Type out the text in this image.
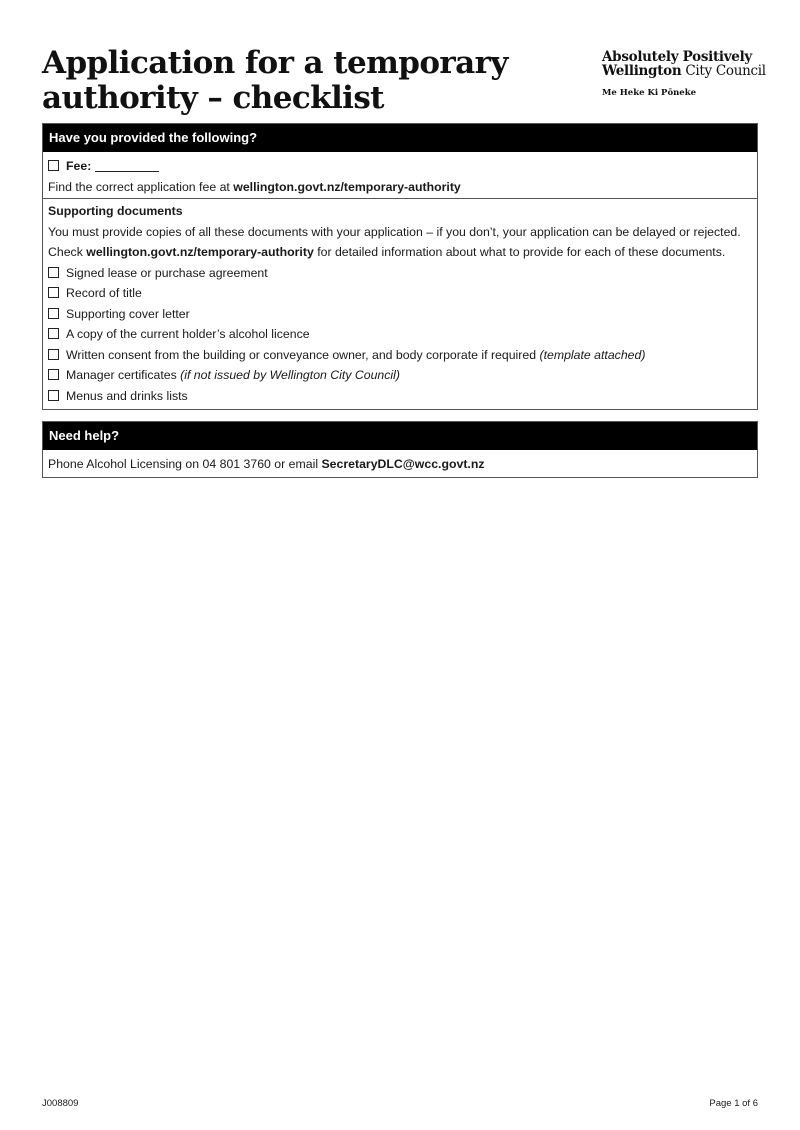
Application for a temporary authority – checklist
Absolutely Positively
Wellington City Council
Me Heke Ki Pōneke
Have you provided the following?
Fee:
Find the correct application fee at wellington.govt.nz/temporary-authority
Supporting documents
You must provide copies of all these documents with your application – if you don’t, your application can be delayed or rejected.
Check wellington.govt.nz/temporary-authority for detailed information about what to provide for each of these documents.
Signed lease or purchase agreement
Record of title
Supporting cover letter
A copy of the current holder’s alcohol licence
Written consent from the building or conveyance owner, and body corporate if required (template attached)
Manager certificates (if not issued by Wellington City Council)
Menus and drinks lists
Need help?
Phone Alcohol Licensing on 04 801 3760 or email SecretaryDLC@wcc.govt.nz
J008809	Page 1 of 6
